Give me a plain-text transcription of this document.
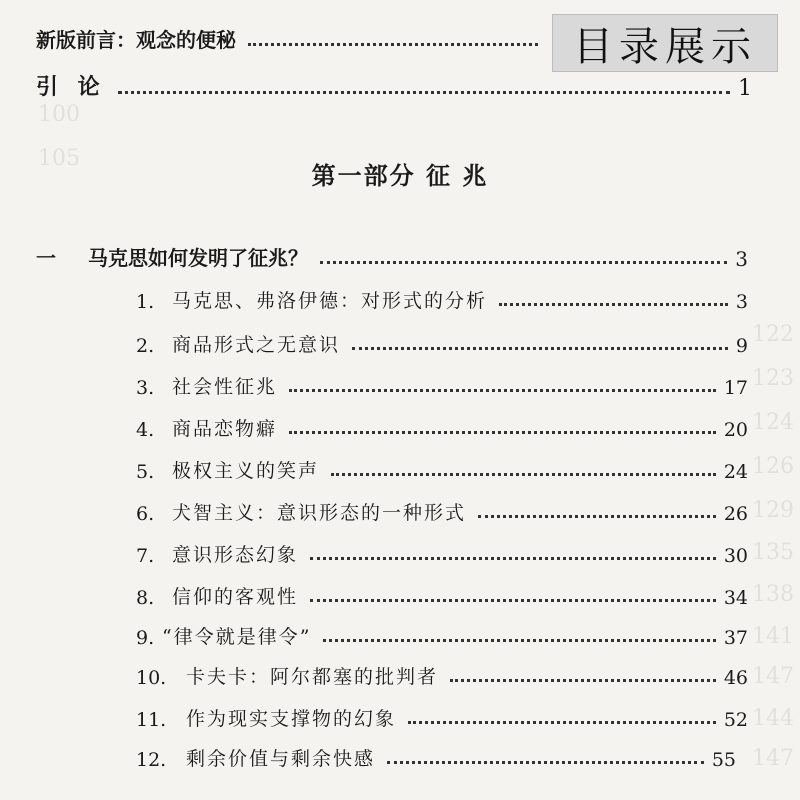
100
105
122
123
124
126
129
135
138
141
147
144
147
目录展示
新版前言：观念的便秘
引 论	1
第一部分 征 兆
一	马克思如何发明了征兆？	3
1. 马克思、弗洛伊德：对形式的分析	3
2. 商品形式之无意识	9
3. 社会性征兆	17
4. 商品恋物癖	20
5. 极权主义的笑声	24
6. 犬智主义：意识形态的一种形式	26
7. 意识形态幻象	30
8. 信仰的客观性	34
9. “律令就是律令”	37
10.	卡夫卡：阿尔都塞的批判者	46
11.	作为现实支撑物的幻象	52
12.	剩余价值与剩余快感	55
